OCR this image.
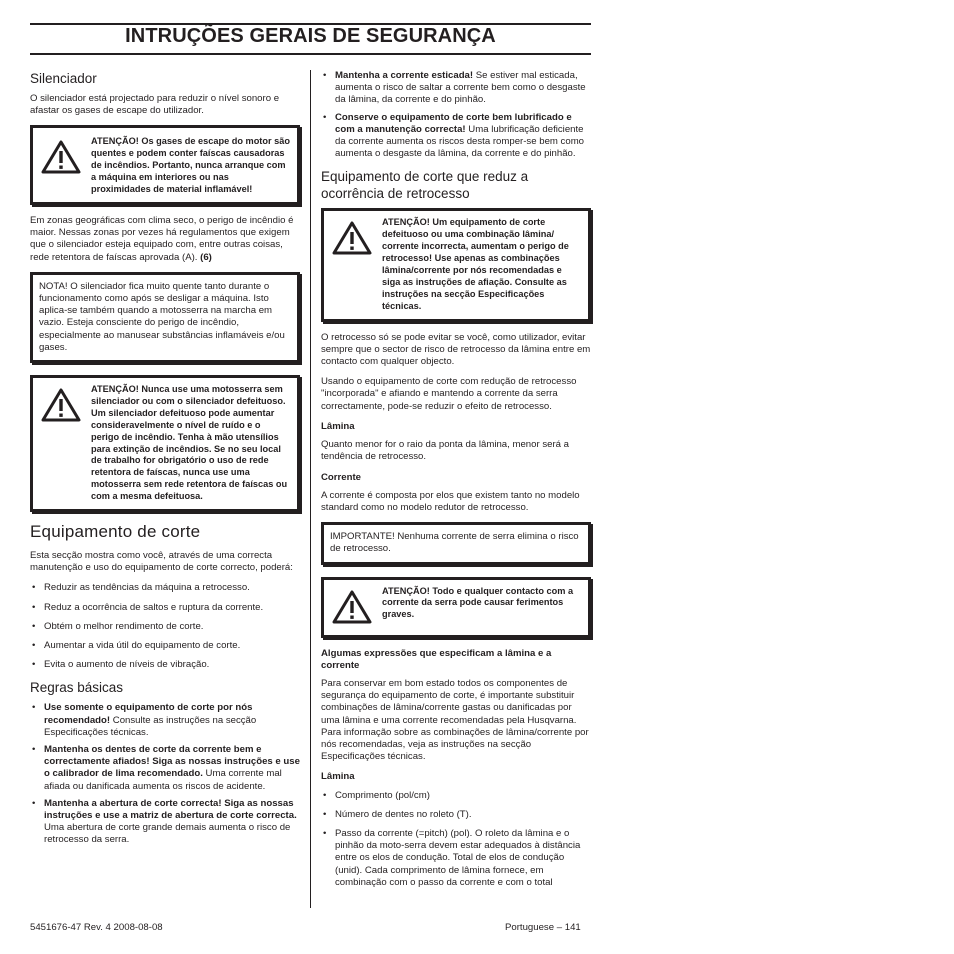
INTRUÇÕES GERAIS DE SEGURANÇA
Silenciador

O silenciador está projectado para reduzir o nível sonoro e afastar os gases de escape do utilizador.

ATENÇÃO! Os gases de escape do motor são quentes e podem conter faíscas causadoras de incêndios. Portanto, nunca arranque com a máquina em interiores ou nas proximidades de material inflamável!

Em zonas geográficas com clima seco, o perigo de incêndio é maior. Nessas zonas por vezes há regulamentos que exigem que o silenciador esteja equipado com, entre outras coisas, rede retentora de faíscas aprovada (A). (6)

NOTA! O silenciador fica muito quente tanto durante o funcionamento como após se desligar a máquina. Isto aplica-se também quando a motosserra na marcha em vazio. Esteja consciente do perigo de incêndio, especialmente ao manusear substâncias inflamáveis e/ou gases.
ATENÇÃO! Nunca use uma motosserra sem silenciador ou com o silenciador defeituoso. Um silenciador defeituoso pode aumentar consideravelmente o nível de ruído e o perigo de incêndio. Tenha à mão utensílios para extinção de incêndios. Se no seu local de trabalho for obrigatório o uso de rede retentora de faíscas, nunca use uma motosserra sem rede retentora de faíscas ou com a mesma defeituosa.
Equipamento de corte

Esta secção mostra como você, através de uma correcta manutenção e uso do equipamento de corte correcto, poderá:

• Reduzir as tendências da máquina a retrocesso.
• Reduz a ocorrência de saltos e ruptura da corrente.
• Obtém o melhor rendimento de corte.
• Aumentar a vida útil do equipamento de corte.
• Evita o aumento de níveis de vibração.
Regras básicas
• Use somente o equipamento de corte por nós recomendado! Consulte as instruções na secção Especificações técnicas.
• Mantenha os dentes de corte da corrente bem e correctamente afiados! Siga as nossas instruções e use o calibrador de lima recomendado. Uma corrente mal afiada ou danificada aumenta os riscos de acidente.
• Mantenha a abertura de corte correcta! Siga as nossas instruções e use a matriz de abertura de corte correcta. Uma abertura de corte grande demais aumenta o risco de retrocesso da serra.
• Mantenha a corrente esticada! Se estiver mal esticada, aumenta o risco de saltar a corrente bem como o desgaste da lâmina, da corrente e do pinhão.
• Conserve o equipamento de corte bem lubrificado e com a manutenção correcta! Uma lubrificação deficiente da corrente aumenta os riscos desta romper-se bem como aumenta o desgaste da lâmina, da corrente e do pinhão.
Equipamento de corte que reduz a ocorrência de retrocesso
ATENÇÃO! Um equipamento de corte defeituoso ou uma combinação lâmina/ corrente incorrecta, aumentam o perigo de retrocesso! Use apenas as combinações lâmina/corrente por nós recomendadas e siga as instruções de afiação. Consulte as instruções na secção Especificações técnicas.

O retrocesso só se pode evitar se você, como utilizador, evitar sempre que o sector de risco de retrocesso da lâmina entre em contacto com qualquer objecto.

Usando o equipamento de corte com redução de retrocesso "incorporada" e afiando e mantendo a corrente da serra correctamente, pode-se reduzir o efeito de retrocesso.

Lâmina

Quanto menor for o raio da ponta da lâmina, menor será a tendência de retrocesso.

Corrente

A corrente é composta por elos que existem tanto no modelo standard como no modelo redutor de retrocesso.

IMPORTANTE! Nenhuma corrente de serra elimina o risco de retrocesso.
ATENÇÃO! Todo e qualquer contacto com a corrente da serra pode causar ferimentos graves.
Algumas expressões que especificam a lâmina e a corrente

Para conservar em bom estado todos os componentes de segurança do equipamento de corte, é importante substituir combinações de lâmina/corrente gastas ou danificadas por uma lâmina e uma corrente recomendadas pela Husqvarna. Para informação sobre as combinações de lâmina/corrente por nós recomendadas, veja as instruções na secção Especificações técnicas.

Lâmina
• Comprimento (pol/cm)
• Número de dentes no roleto (T).
• Passo da corrente (=pitch) (pol). O roleto da lâmina e o pinhão da moto-serra devem estar adequados à distância entre os elos de condução. Total de elos de condução (unid). Cada comprimento de lâmina fornece, em combinação com o passo da corrente e com o total
5451676-47 Rev. 4 2008-08-08	Portuguese – 141
